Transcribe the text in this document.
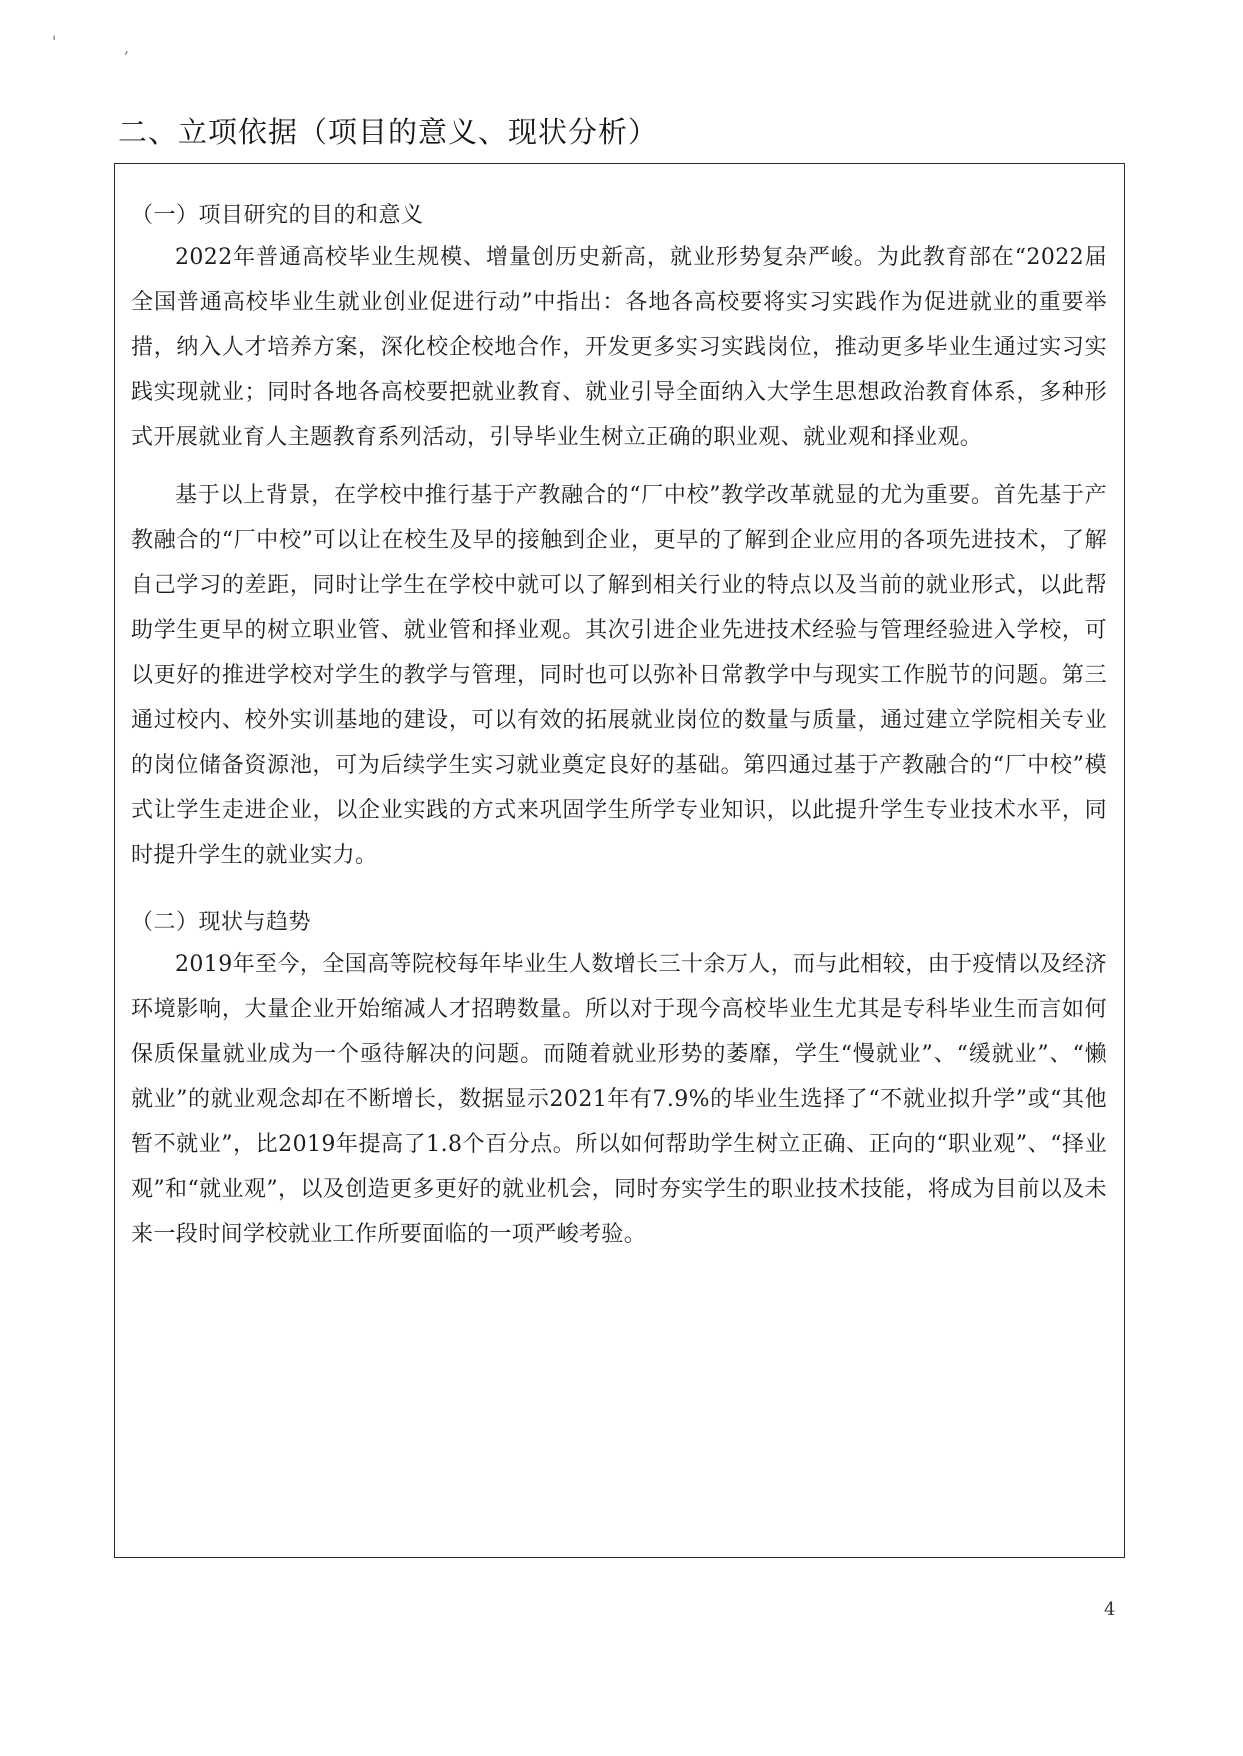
'	,
二、立项依据（项目的意义、现状分析）
（一）项目研究的目的和意义

2022年普通高校毕业生规模、增量创历史新高，就业形势复杂严峻。为此教育部在“2022届全国普通高校毕业生就业创业促进行动”中指出：各地各高校要将实习实践作为促进就业的重要举措，纳入人才培养方案，深化校企校地合作，开发更多实习实践岗位，推动更多毕业生通过实习实践实现就业；同时各地各高校要把就业教育、就业引导全面纳入大学生思想政治教育体系，多种形式开展就业育人主题教育系列活动，引导毕业生树立正确的职业观、就业观和择业观。

基于以上背景，在学校中推行基于产教融合的“厂中校”教学改革就显的尤为重要。首先基于产教融合的“厂中校”可以让在校生及早的接触到企业，更早的了解到企业应用的各项先进技术，了解自己学习的差距，同时让学生在学校中就可以了解到相关行业的特点以及当前的就业形式，以此帮助学生更早的树立职业管、就业管和择业观。其次引进企业先进技术经验与管理经验进入学校，可以更好的推进学校对学生的教学与管理，同时也可以弥补日常教学中与现实工作脱节的问题。第三通过校内、校外实训基地的建设，可以有效的拓展就业岗位的数量与质量，通过建立学院相关专业的岗位储备资源池，可为后续学生实习就业奠定良好的基础。第四通过基于产教融合的“厂中校”模式让学生走进企业，以企业实践的方式来巩固学生所学专业知识，以此提升学生专业技术水平，同时提升学生的就业实力。

（二）现状与趋势

2019年至今，全国高等院校每年毕业生人数增长三十余万人，而与此相较，由于疫情以及经济环境影响，大量企业开始缩减人才招聘数量。所以对于现今高校毕业生尤其是专科毕业生而言如何保质保量就业成为一个亟待解决的问题。而随着就业形势的萎靡，学生“慢就业”、“缓就业”、“懒就业”的就业观念却在不断增长，数据显示2021年有7.9%的毕业生选择了“不就业拟升学”或“其他暂不就业”，比2019年提高了1.8个百分点。所以如何帮助学生树立正确、正向的“职业观”、“择业观”和“就业观”，以及创造更多更好的就业机会，同时夯实学生的职业技术技能，将成为目前以及未来一段时间学校就业工作所要面临的一项严峻考验。

4
